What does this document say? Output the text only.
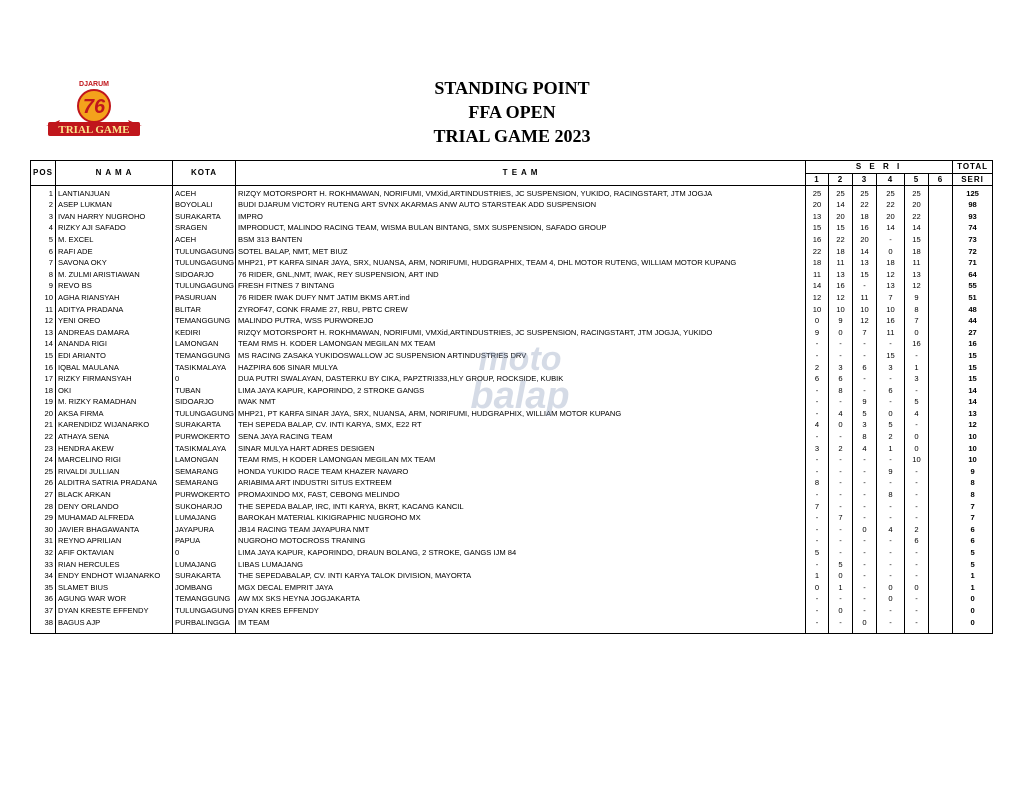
DJARUM
76
TRIAL GAME
STANDING POINT
FFA OPEN
TRIAL GAME 2023
POS	N A M A	KOTA	T E A M	S E R I						TOTAL
				1	2	3	4	5	6	SERI
1	LANTIANJUAN	ACEH	RIZQY MOTORSPORT H. ROKHMAWAN, NORIFUMI, VMXid,ARTINDUSTRIES, JC SUSPENSION, YUKIDO, RACINGSTART, JTM JOGJA	25	25	25	25	25		125
2	ASEP LUKMAN	BOYOLALI	BUDI DJARUM VICTORY RUTENG ART SVNX AKARMAS ANW AUTO STARSTEAK ADD SUSPENSION	20	14	22	22	20		98
3	IVAN HARRY NUGROHO	SURAKARTA	IMPRO	13	20	18	20	22		93
4	RIZKY AJI SAFADO	SRAGEN	IMPRODUCT, MALINDO RACING TEAM, WISMA BULAN BINTANG, SMX SUSPENSION, SAFADO GROUP	15	15	16	14	14		74
5	M. EXCEL	ACEH	BSM 313 BANTEN	16	22	20	-	15		73
6	RAFI ADE	TULUNGAGUNG	SOTEL BALAP, NMT, MET BIUZ	22	18	14	0	18		72
7	SAVONA OKY	TULUNGAGUNG	MHP21, PT KARFA SINAR JAYA, SRX, NUANSA, ARM, NORIFUMI, HUDGRAPHIX, TEAM 4, DHL MOTOR RUTENG, WILLIAM MOTOR KUPANG	18	11	13	18	11		71
8	M. ZULMI ARISTIAWAN	SIDOARJO	76 RIDER, GNL,NMT, IWAK, REY SUSPENSION, ART IND	11	13	15	12	13		64
9	REVO BS	TULUNGAGUNG	FRESH FITNES 7 BINTANG	14	16	-	13	12		55
10	AGHA RIANSYAH	PASURUAN	76 RIDER IWAK DUFY NMT JATIM BKMS ART.ind	12	12	11	7	9		51
11	ADITYA PRADANA	BLITAR	ZYROF47, CONK FRAME 27, RBU, PBTC CREW	10	10	10	10	8		48
12	YENI OREO	TEMANGGUNG	MALINDO PUTRA, WSS PURWOREJO	0	9	12	16	7		44
13	ANDREAS DAMARA	KEDIRI	RIZQY MOTORSPORT H. ROKHMAWAN, NORIFUMI, VMXid,ARTINDUSTRIES, JC SUSPENSION, RACINGSTART, JTM JOGJA, YUKIDO	9	0	7	11	0		27
14	ANANDA RIGI	LAMONGAN	TEAM RMS H. KODER LAMONGAN MEGILAN MX TEAM	-	-	-	-	16		16
15	EDI ARIANTO	TEMANGGUNG	MS RACING ZASAKA YUKIDOSWALLOW JC SUSPENSION ARTINDUSTRIES DRV	-	-	-	15	-		15
16	IQBAL MAULANA	TASIKMALAYA	HAZPIRA 606 SINAR MULYA	2	3	6	3	1		15
17	RIZKY FIRMANSYAH	0	DUA PUTRI SWALAYAN, DASTERKU BY CIKA, PAPZTRI333,HLY GROUP, ROCKSIDE, KUBIK	6	6	-	-	3		15
18	OKI	TUBAN	LIMA JAYA KAPUR, KAPORINDO, 2 STROKE GANGS	-	8	-	6	-		14
19	M. RIZKY RAMADHAN	SIDOARJO	IWAK NMT	-	-	9	-	5		14
20	AKSA FIRMA	TULUNGAGUNG	MHP21, PT KARFA SINAR JAYA, SRX, NUANSA, ARM, NORIFUMI, HUDGRAPHIX, WILLIAM MOTOR KUPANG	-	4	5	0	4		13
21	KARENDIDZ WIJANARKO	SURAKARTA	TEH SEPEDA BALAP, CV. INTI KARYA, SMX, E22 RT	4	0	3	5	-		12
22	ATHAYA SENA	PURWOKERTO	SENA JAYA RACING TEAM	-	-	8	2	0		10
23	HENDRA AKEW	TASIKMALAYA	SINAR MULYA HART ADRES DESIGEN	3	2	4	1	0		10
24	MARCELINO RIGI	LAMONGAN	TEAM RMS, H KODER LAMONGAN MEGILAN MX TEAM	-	-	-	-	10		10
25	RIVALDI JULLIAN	SEMARANG	HONDA YUKIDO RACE TEAM KHAZER NAVARO	-	-	-	9	-		9
26	ALDITRA SATRIA PRADANA	SEMARANG	ARIABIMA ART INDUSTRI SITUS EXTREEM	8	-	-	-	-		8
27	BLACK ARKAN	PURWOKERTO	PROMAXINDO MX, FAST, CEBONG MELINDO	-	-	-	8	-		8
28	DENY ORLANDO	SUKOHARJO	THE SEPEDA BALAP, IRC, INTI KARYA, BKRT, KACANG KANCIL	7	-	-	-	-		7
29	MUHAMAD ALFREDA	LUMAJANG	BAROKAH MATERIAL KIKIGRAPHIC NUGROHO MX	-	7	-	-	-		7
30	JAVIER BHAGAWANTA	JAYAPURA	JB14 RACING TEAM JAYAPURA NMT	-	-	0	4	2		6
31	REYNO APRILIAN	PAPUA	NUGROHO MOTOCROSS TRANING	-	-	-	-	6		6
32	AFIF OKTAVIAN	0	LIMA JAYA KAPUR, KAPORINDO, DRAUN BOLANG, 2 STROKE, GANGS IJM 84	5	-	-	-	-		5
33	RIAN HERCULES	LUMAJANG	LIBAS LUMAJANG	-	5	-	-	-		5
34	ENDY ENDHOT WIJANARKO	SURAKARTA	THE SEPEDABALAP, CV. INTI KARYA TALOK DIVISION, MAYORTA	1	0	-	-	-		1
35	SLAMET BIUS	JOMBANG	MGX DECAL EMPRIT JAYA	0	1	-	0	0		1
36	AGUNG WAR WOR	TEMANGGUNG	AW MX SKS HEYNA JOGJAKARTA	-	-	-	0	-		0
37	DYAN KRESTE EFFENDY	TULUNGAGUNG	DYAN KRES EFFENDY	-	0	-	-	-		0
38	BAGUS AJP	PURBALINGGA	IM TEAM	-	-	0	-	-		0
moto
balap
